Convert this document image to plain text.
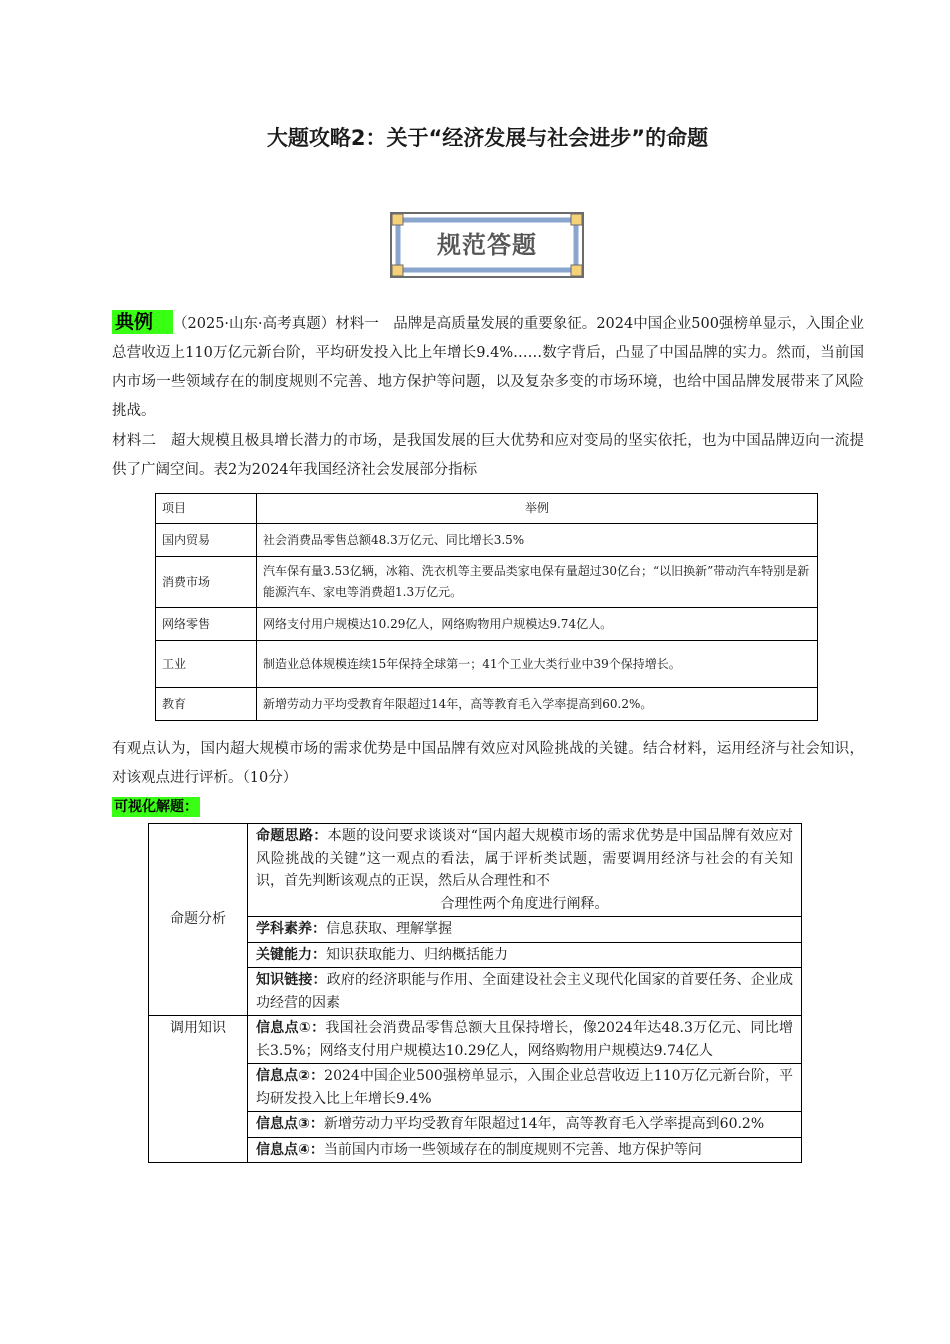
大题攻略2：关于“经济发展与社会进步”的命题
规范答题
典例 （2025·山东·高考真题）材料一　品牌是高质量发展的重要象征。2024中国企业500强榜单显示，入围企业总营收迈上110万亿元新台阶，平均研发投入比上年增长9.4%……数字背后，凸显了中国品牌的实力。然而，当前国内市场一些领域存在的制度规则不完善、地方保护等问题，以及复杂多变的市场环境，也给中国品牌发展带来了风险挑战。
材料二　超大规模且极具增长潜力的市场，是我国发展的巨大优势和应对变局的坚实依托，也为中国品牌迈向一流提供了广阔空间。表2为2024年我国经济社会发展部分指标
项目	举例
国内贸易	社会消费品零售总额48.3万亿元、同比增长3.5%
消费市场	汽车保有量3.53亿辆，冰箱、洗衣机等主要品类家电保有量超过30亿台；“以旧换新”带动汽车特别是新能源汽车、家电等消费超1.3万亿元。
网络零售	网络支付用户规模达10.29亿人，网络购物用户规模达9.74亿人。
工业	制造业总体规模连续15年保持全球第一；41个工业大类行业中39个保持增长。
教育	新增劳动力平均受教育年限超过14年，高等教育毛入学率提高到60.2%。
有观点认为，国内超大规模市场的需求优势是中国品牌有效应对风险挑战的关键。结合材料，运用经济与社会知识，对该观点进行评析。（10分）
可视化解题：
命题分析	命题思路：本题的设问要求谈谈对“国内超大规模市场的需求优势是中国品牌有效应对风险挑战的关键”这一观点的看法，属于评析类试题，需要调用经济与社会的有关知识，首先判断该观点的正误，然后从合理性和不
合理性两个角度进行阐释。

	学科素养：信息获取、理解掌握
	关键能力：知识获取能力、归纳概括能力
	知识链接：政府的经济职能与作用、全面建设社会主义现代化国家的首要任务、企业成功经营的因素
调用知识	信息点①：我国社会消费品零售总额大且保持增长，像2024年达48.3万亿元、同比增长3.5%；网络支付用户规模达10.29亿人，网络购物用户规模达9.74亿人
	信息点②：2024中国企业500强榜单显示，入围企业总营收迈上110万亿元新台阶，平均研发投入比上年增长9.4%
	信息点③：新增劳动力平均受教育年限超过14年，高等教育毛入学率提高到60.2%
	信息点④：当前国内市场一些领域存在的制度规则不完善、地方保护等问
